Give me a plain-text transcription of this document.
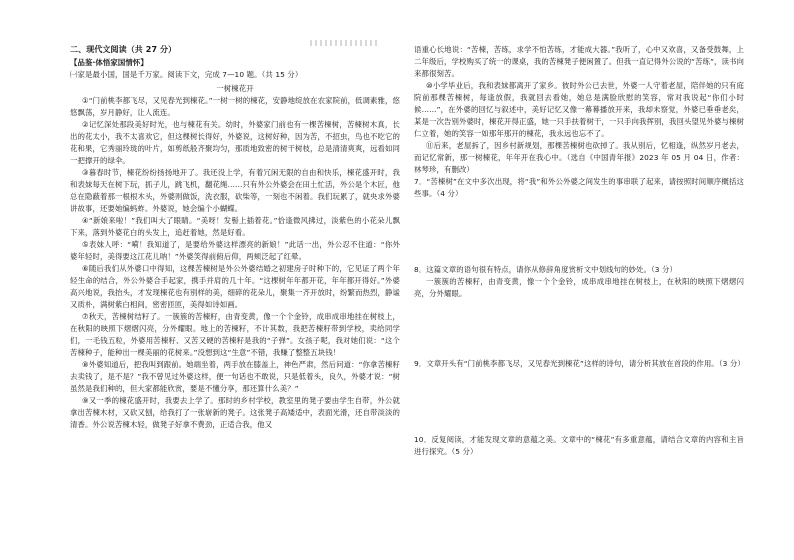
二、现代文阅读（共 27 分）
【品鉴·体悟家国情怀】
㈠家是最小国，国是千万家。阅读下文，完成 7—10 题。（共 15 分）
一树楝花开

①“门前桃李都飞尽，又见春光到楝花。”一树一树的楝花，安静地绽放在农家院前，低调素雅，悠悠飘荡，岁月静好，让人流连。

②记忆深处那段美好时光，也与楝花有关。幼时，外婆家门前也有一棵苦楝树，苦楝树木真，长出的花太小，我不太喜欢它，但这棵树长得好，外婆说，这树好种，因为苦，不招虫，鸟也不吃它的花和果，它秀丽玲珑的叶片，如剪纸般齐聚均匀，那质地致密的树干树枝，总是清清爽爽，远看如同一把撑开的绿伞。

③暮春时节，楝花纷纷扬扬地开了。我还没上学，有着冗闲无限的自由和快乐，楝花盛开时，我和表妹每天在树下玩，抓子儿，跳飞机，翻花绳……只有外公外婆会在田土忙活，外公是个木匠，他总在隐蔽着那一根根木头，外婆则做饭，洗衣服，砍柴等，一刻也不闲着。我们玩累了，就央求外婆讲故事，还要她编蚂蚱。外婆说，她会编个小蝴蝶。

④“新娘来啦！”我们叫大了眼睛。“美呀！发髻上插着花。”恰逢微风拂过，淡紫色的小花朵儿飘下来，落到外婆花白的头发上，追赶着她，然是好看。

⑤表妹人呼：“嗬！我知道了，是要给外婆这样漂亮的新娘！”此话一出，外公忍不住道：“你外婆年轻时，美得要这江花儿呐！”外婆笑得前俯后仰，两颊泛起了红晕。

⑥随后我们从外婆口中得知，这棵苦楝树是外公外婆结婚之初建房子时种下的，它见证了两个年轻生命的结合，外公外婆合手起家，携手并肩的几十年。“这棵树年年都开花，年年都开得好。”外婆高兴地说，我抬头，才发现楝花也有别样的美，细碎的花朵儿，聚集一齐开放时，纷繁而热烈，静谧又质朴，满树紫白相间，密密匝匝，美得如诗如画。

⑦秋天，苦楝树结籽了。一簇簇的苦楝籽，由青变黄，像一个个金铃，成串成串地挂在树枝上，在秋阳的映照下熠熠闪亮，分外耀眼。地上的苦楝籽，不计其数，我把苦楝籽带到学校，卖给同学们，一毛钱五粒，外婆用苦楝籽、又苦又硬的苦楝籽是我的“子弹”。女孩子呢，我对她们说：“这个苦楝种子，能种出一棵美丽的花树来。”没想到这“生意”不错，我赚了整整五块钱！

⑧外婆知道后，把我叫到跟前。她端坐着，两手放在膝盖上，神色严肃，然后问道：“你拿苦楝籽去卖钱了，是不是？”我不曾见过外婆这样，便一句话也不敢说，只是低着头，良久，外婆才说：“树虽然是我们种的，但大家都能欣赏，要是不懂分享，那还算什么美？”

⑨又一季的楝花盛开时，我要去上学了。那时的乡村学校，教室里的凳子要由学生自带，外公就拿出苦楝木材，又砍又刨，给我打了一张崭新的凳子。这张凳子高矮适中，表面光滑，还自带淡淡的清香。外公说苦楝木轻，做凳子好拿不费劲，正适合我，他又

语重心长地说：“苦楝，苦练，求学不怕苦练，才能成大器。”我听了，心中又欢喜，又备受鼓舞，上二年级后，学校购买了统一的课桌，我的苦楝凳子便闲置了。但我一直记得外公说的“苦练”，读书向来都很刻苦。

⑩小学毕业后，我和表妹都离开了家乡。彼时外公已去世，外婆一人守着老屋，陪伴她的只有庭院前那棵苦楝树，每逢放假，我就回去看她，她总是满脸欣慰的笑容，常对我说起“你们小时候……”，在外婆的回忆与叙述中，美好记忆又像一幕幕播放开来，我却未察觉，外婆已垂垂老矣，某是一次告别外婆时，楝花开得正盛，她一只手扶着树干，一只手向我挥别，我回头望见外婆与楝树仁立着，她的笑容一如那年那开的楝花，我永远也忘不了。

⑪后来，老屋拆了，因乡村新规划，那棵苦楝树也砍掉了。我从别后，忆相逢，纵然岁月老去，而记忆常新，那一树楝花，年年开在我心中。（选自《中国青年报》2023 年 05 月 04 日，作者：林琴珍，有删改）

7．“苦楝树”在文中多次出现，将“我”和外公外婆之间发生的事串联了起来，请按照时间顺序概括这些事。（4 分）

8．这篇文章的语句很有特点，请你从修辞角度赏析文中划线句的妙处。（3 分）

一簇簇的苦楝籽，由青变黄，像一个个金铃，成串成串地挂在树枝上，在秋阳的映照下熠熠闪亮，分外耀眼。

9．文章开头有“门前桃李都飞尽，又见春光到楝花”这样的诗句，请分析其放在首段的作用。（3 分）

10．反复阅读，才能发现文章的意蕴之美。文章中的“楝花”有多重意蕴，请结合文章的内容和主旨进行探究。（5 分）
